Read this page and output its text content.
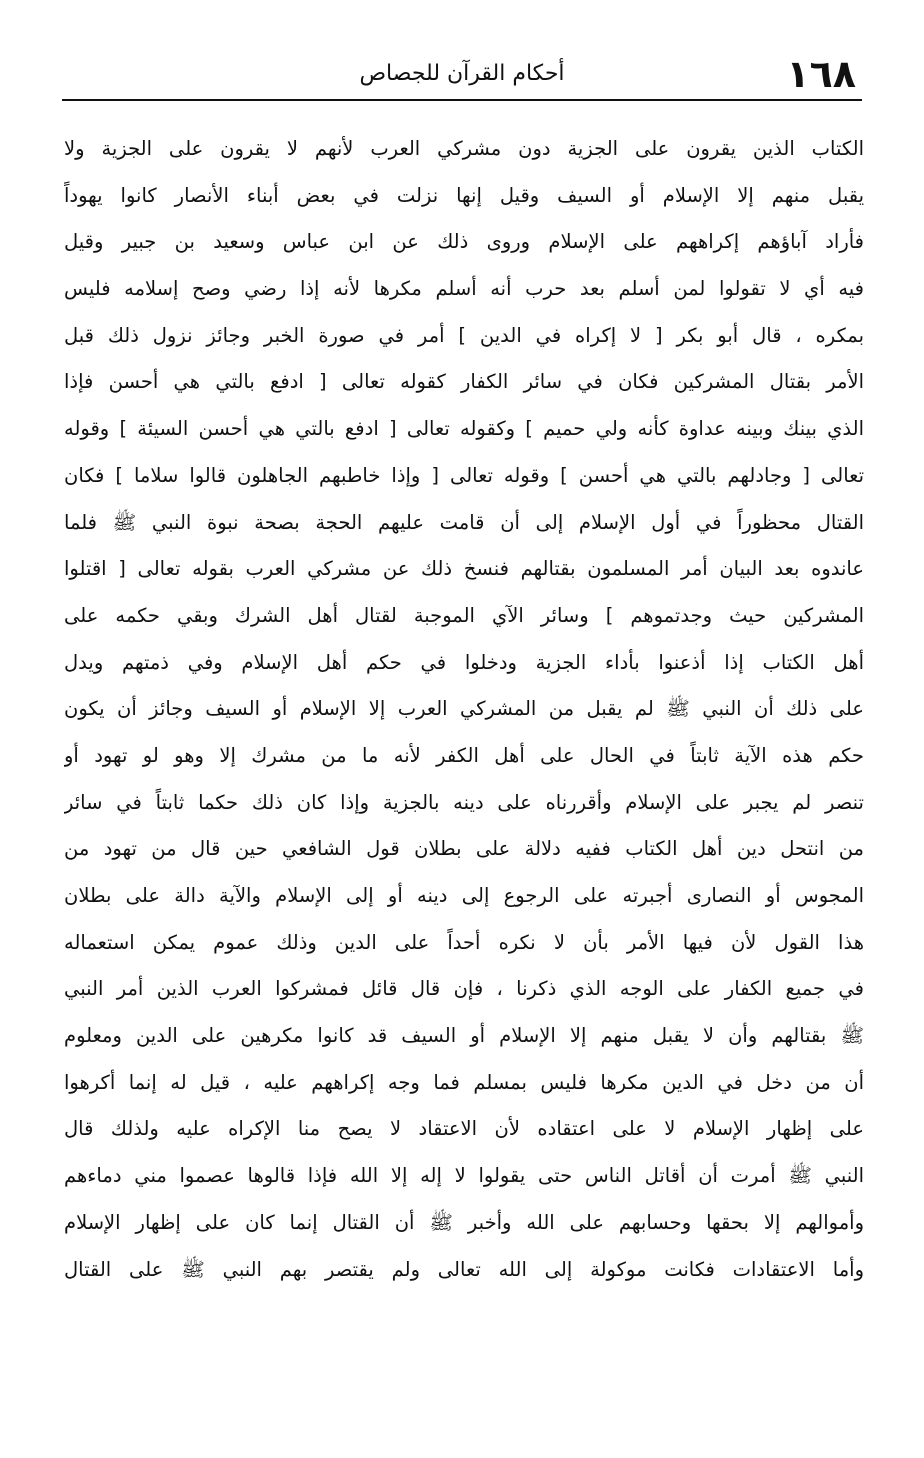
١٦٨
أحكام القرآن للجصاص
الكتاب الذين يقرون على الجزية دون مشركي العرب لأنهم لا يقرون على الجزية ولا
يقبل منهم إلا الإسلام أو السيف وقيل إنها نزلت في بعض أبناء الأنصار كانوا يهوداً
فأراد آباؤهم إكراههم على الإسلام وروى ذلك عن ابن عباس وسعيد بن جبير وقيل
فيه أي لا تقولوا لمن أسلم بعد حرب أنه أسلم مكرها لأنه إذا رضي وصح إسلامه فليس
بمكره ، قال أبو بكر [ لا إكراه في الدين ] أمر في صورة الخبر وجائز نزول ذلك قبل
الأمر بقتال المشركين فكان في سائر الكفار كقوله تعالى [ ادفع بالتي هي أحسن فإذا
الذي بينك وبينه عداوة كأنه ولي حميم ] وكقوله تعالى [ ادفع بالتي هي أحسن السيئة ] وقوله
تعالى [ وجادلهم بالتي هي أحسن ] وقوله تعالى [ وإذا خاطبهم الجاهلون قالوا سلاما ] فكان
القتال محظوراً في أول الإسلام إلى أن قامت عليهم الحجة بصحة نبوة النبي ﷺ فلما
عاندوه بعد البيان أمر المسلمون بقتالهم فنسخ ذلك عن مشركي العرب بقوله تعالى [ اقتلوا
المشركين حيث وجدتموهم ] وسائر الآي الموجبة لقتال أهل الشرك وبقي حكمه على
أهل الكتاب إذا أذعنوا بأداء الجزية ودخلوا في حكم أهل الإسلام وفي ذمتهم ويدل
على ذلك أن النبي ﷺ لم يقبل من المشركي العرب إلا الإسلام أو السيف وجائز أن يكون
حكم هذه الآية ثابتاً في الحال على أهل الكفر لأنه ما من مشرك إلا وهو لو تهود أو
تنصر لم يجبر على الإسلام وأقررناه على دينه بالجزية وإذا كان ذلك حكما ثابتاً في سائر
من انتحل دين أهل الكتاب ففيه دلالة على بطلان قول الشافعي حين قال من تهود من
المجوس أو النصارى أجبرته على الرجوع إلى دينه أو إلى الإسلام والآية دالة على بطلان
هذا القول لأن فيها الأمر بأن لا نكره أحداً على الدين وذلك عموم يمكن استعماله
في جميع الكفار على الوجه الذي ذكرنا ، فإن قال قائل فمشركوا العرب الذين أمر النبي
ﷺ بقتالهم وأن لا يقبل منهم إلا الإسلام أو السيف قد كانوا مكرهين على الدين ومعلوم
أن من دخل في الدين مكرها فليس بمسلم فما وجه إكراههم عليه ، قيل له إنما أكرهوا
على إظهار الإسلام لا على اعتقاده لأن الاعتقاد لا يصح منا الإكراه عليه ولذلك قال
النبي ﷺ أمرت أن أقاتل الناس حتى يقولوا لا إله إلا الله فإذا قالوها عصموا مني دماءهم
وأموالهم إلا بحقها وحسابهم على الله وأخبر ﷺ أن القتال إنما كان على إظهار الإسلام
وأما الاعتقادات فكانت موكولة إلى الله تعالى ولم يقتصر بهم النبي ﷺ على القتال
